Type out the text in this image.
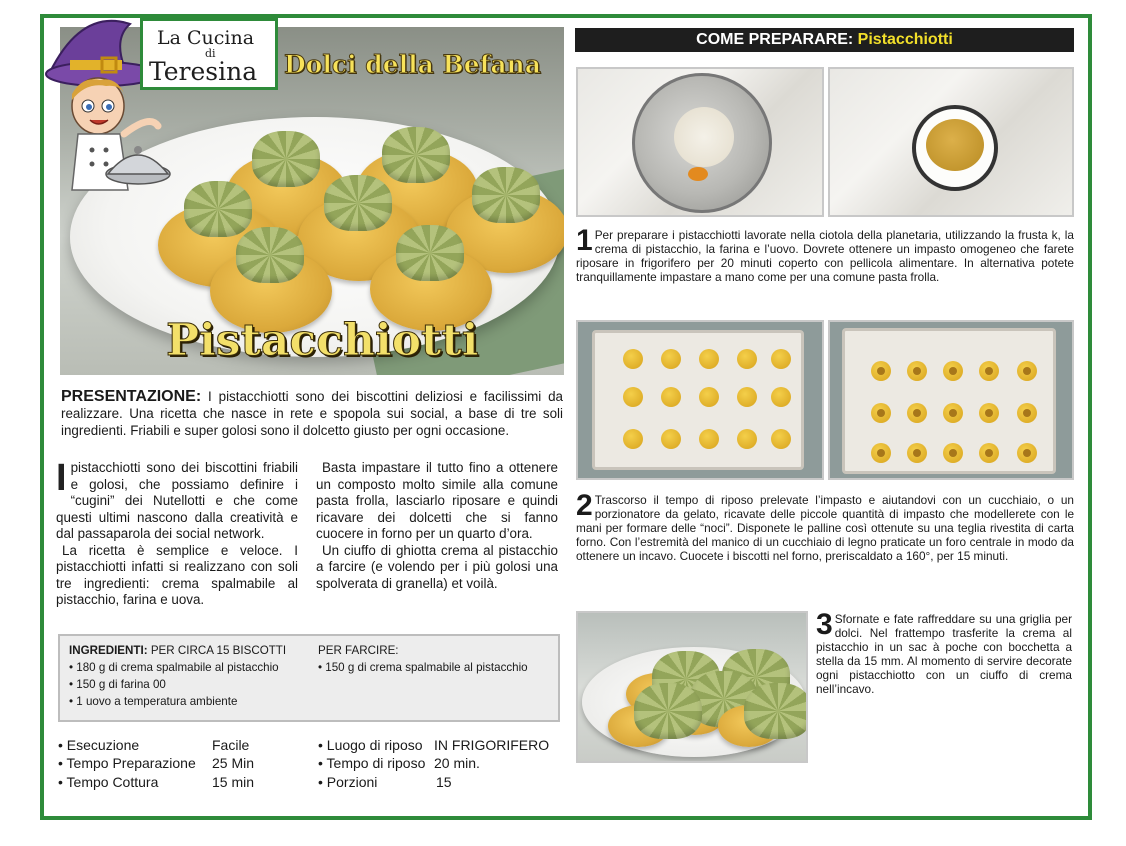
Pistacchiotti
Dolci della Befana
La Cucina
di
Teresina
PRESENTAZIONE: I pistacchiotti sono dei biscottini deliziosi e facilissimi da realizzare. Una ricetta che nasce in rete e spopola sui social, a base di tre soli ingredienti. Friabili e super golosi sono il dolcetto giusto per ogni occasione.
I pistacchiotti sono dei biscottini friabili e golosi, che possiamo definire i “cugini” dei Nutellotti e che come questi ultimi nascono dalla creatività e dal passaparola dei social network.

La ricetta è semplice e veloce. I pistacchiotti infatti si realizzano con soli tre ingredienti: crema spalmabile al pistacchio, farina e uova.

Basta impastare il tutto fino a ottenere un composto molto simile alla comune pasta frolla, lasciarlo riposare e quindi ricavare dei dolcetti che si fanno cuocere in forno per un quarto d’ora.

Un ciuffo di ghiotta crema al pistacchio a farcire (e volendo per i più golosi una spolverata di granella) et voilà.

INGREDIENTI: PER CIRCA 15 BISCOTTI
• 180 g di crema spalmabile al pistacchio
• 150 g di farina 00
• 1 uovo a temperatura ambiente
PER FARCIRE:
• 150 g di crema spalmabile al pistacchio
• Esecuzione	Facile
• Tempo Preparazione	25 Min
• Tempo Cottura	15 min
• Luogo di riposo IN FRIGORIFERO
• Tempo di riposo 20 min.
• Porzioni	15
COME PREPARARE: Pistacchiotti
1 Per preparare i pistacchiotti lavorate nella ciotola della planetaria, utilizzando la frusta k, la crema di pistacchio, la farina e l’uovo. Dovrete ottenere un impasto omogeneo che farete riposare in frigorifero per 20 minuti coperto con pellicola alimentare. In alternativa potete tranquillamente impastare a mano come per una comune pasta frolla.
2 Trascorso il tempo di riposo prelevate l’impasto e aiutandovi con un cucchiaio, o un porzionatore da gelato, ricavate delle piccole quantità di impasto che modellerete con le mani per formare delle “noci”. Disponete le palline così ottenute su una teglia rivestita di carta forno. Con l’estremità del manico di un cucchiaio di legno praticate un foro centrale in modo da ottenere un incavo. Cuocete i biscotti nel forno, preriscaldato a 160°, per 15 minuti.
3 Sfornate e fate raffreddare su una griglia per dolci. Nel frattempo trasferite la crema al pistacchio in un sac à poche con bocchetta a stella da 15 mm. Al momento di servire decorate ogni pistacchiotto con un ciuffo di crema nell’incavo.
